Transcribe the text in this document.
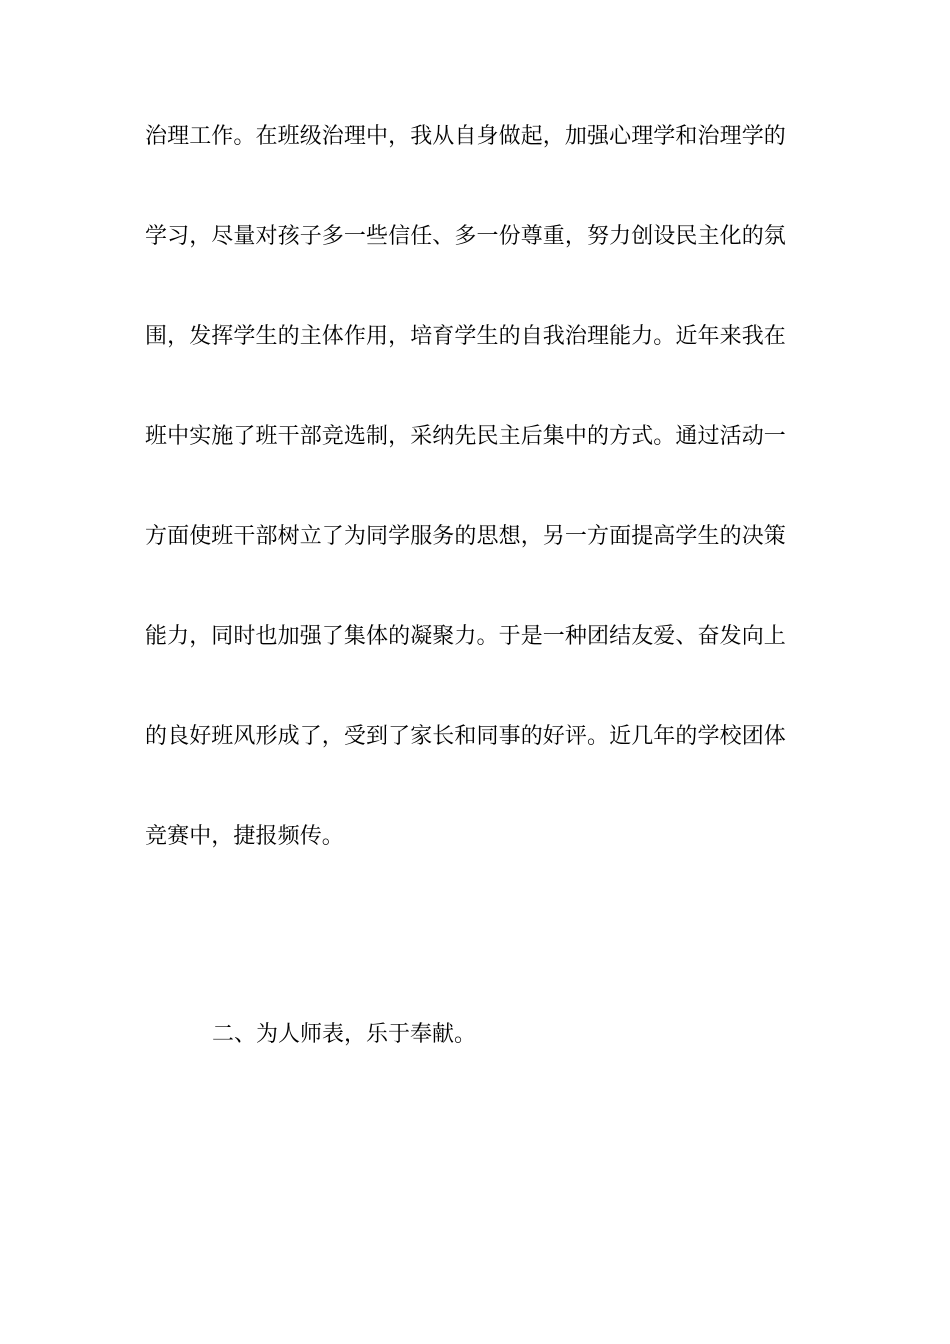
治理工作。在班级治理中，我从自身做起，加强心理学和治理学的
学习，尽量对孩子多一些信任、多一份尊重，努力创设民主化的氛
围，发挥学生的主体作用，培育学生的自我治理能力。近年来我在
班中实施了班干部竞选制，采纳先民主后集中的方式。通过活动一
方面使班干部树立了为同学服务的思想，另一方面提高学生的决策
能力，同时也加强了集体的凝聚力。于是一种团结友爱、奋发向上
的良好班风形成了，受到了家长和同事的好评。近几年的学校团体
竞赛中，捷报频传。
二、为人师表，乐于奉献。
